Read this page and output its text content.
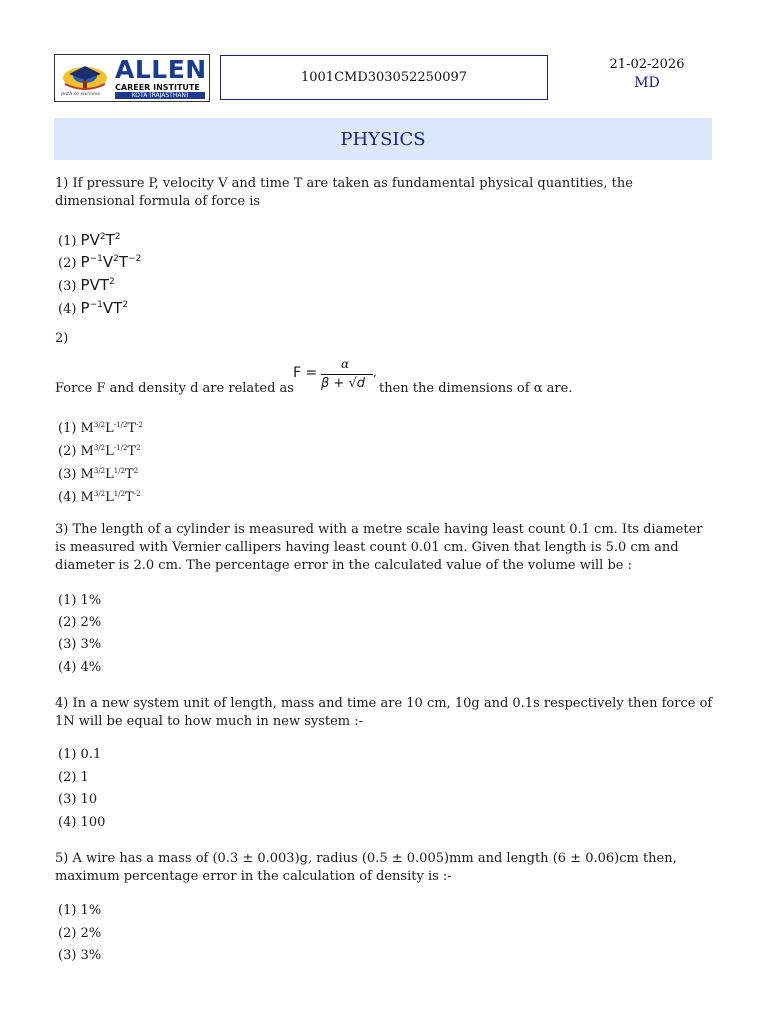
path to success
ALLEN
CAREER INSTITUTE
KOTA (RAJASTHAN)
1001CMD303052250097
21-02-2026
MD
PHYSICS
1) If pressure P, velocity V and time T are taken as fundamental physical quantities, the dimensional formula of force is
(1) $PV^2T^2$
(2) $P^{-1}V^2T^{-2}$
(3) PVT$^2$
(4) $P^{-1}VT^2$
2)
Force F and density d are related as
F =
α
β + √d
,
then the dimensions of α are.
(1) $M^{3/2}L^{-1/2}T^{-2}$
(2) $M^{3/2}L^{-1/2}T^2$
(3) $M^{3/2}L^{1/2}T^2$
(4) $M^{3/2}L^{1/2}T^{-2}$
3) The length of a cylinder is measured with a metre scale having least count 0.1 cm. Its diameter is measured with Vernier callipers having least count 0.01 cm. Given that length is 5.0 cm and diameter is 2.0 cm. The percentage error in the calculated value of the volume will be :
(1) 1%
(2) 2%
(3) 3%
(4) 4%
4) In a new system unit of length, mass and time are 10 cm, 10g and 0.1s respectively then force of 1N will be equal to how much in new system :-
(1) 0.1
(2) 1
(3) 10
(4) 100
5) A wire has a mass of (0.3 ± 0.003)g, radius (0.5 ± 0.005)mm and length (6 ± 0.06)cm then, maximum percentage error in the calculation of density is :-
(1) 1%
(2) 2%
(3) 3%
